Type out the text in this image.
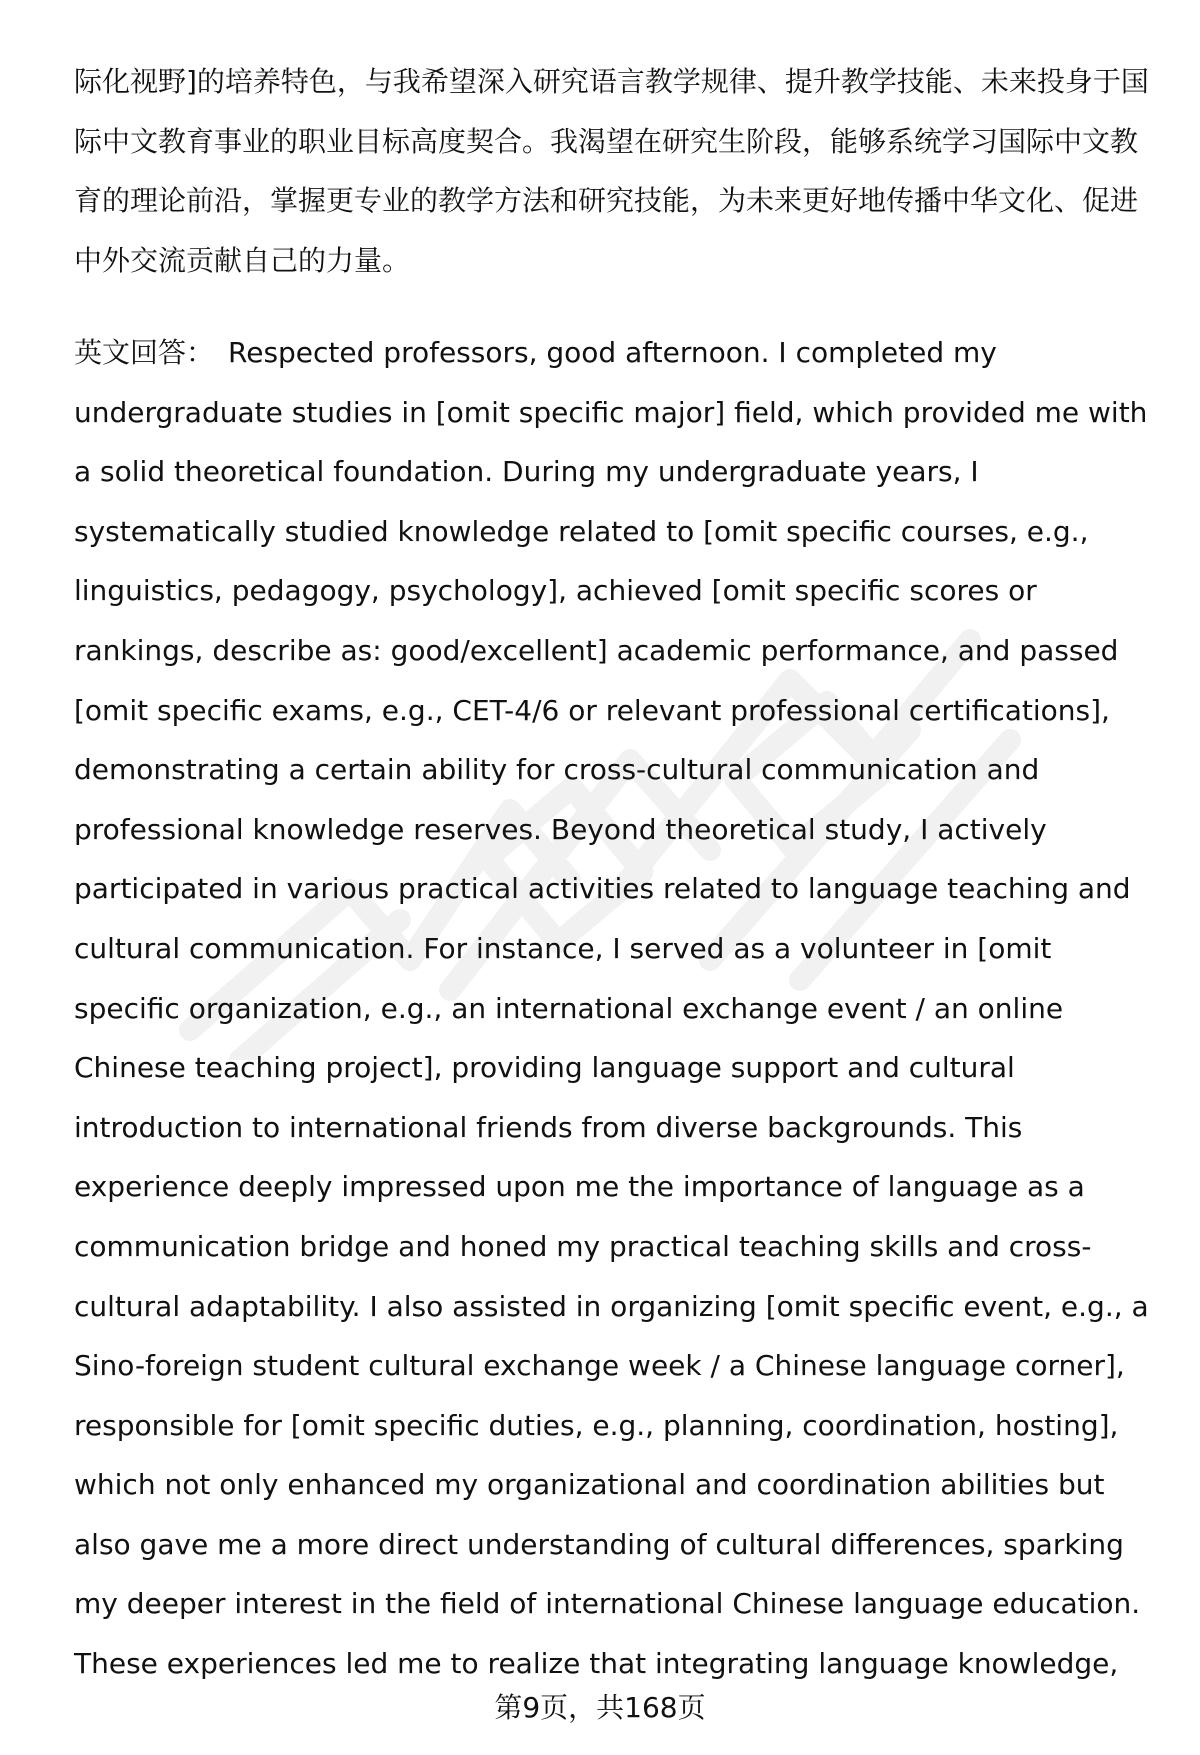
际化视野]的培养特色，与我希望深入研究语言教学规律、提升教学技能、未来投身于国际中文教育事业的职业目标高度契合。我渴望在研究生阶段，能够系统学习国际中文教育的理论前沿，掌握更专业的教学方法和研究技能，为未来更好地传播中华文化、促进中外交流贡献自己的力量。

英文回答： Respected professors, good afternoon. I completed my undergraduate studies in [omit specific major] field, which provided me with a solid theoretical foundation. During my undergraduate years, I systematically studied knowledge related to [omit specific courses, e.g., linguistics, pedagogy, psychology], achieved [omit specific scores or rankings, describe as: good/excellent] academic performance, and passed [omit specific exams, e.g., CET-4/6 or relevant professional certifications], demonstrating a certain ability for cross-cultural communication and professional knowledge reserves. Beyond theoretical study, I actively participated in various practical activities related to language teaching and cultural communication. For instance, I served as a volunteer in [omit specific organization, e.g., an international exchange event / an online Chinese teaching project], providing language support and cultural introduction to international friends from diverse backgrounds. This experience deeply impressed upon me the importance of language as a communication bridge and honed my practical teaching skills and cross-cultural adaptability. I also assisted in organizing [omit specific event, e.g., a Sino-foreign student cultural exchange week / a Chinese language corner], responsible for [omit specific duties, e.g., planning, coordination, hosting], which not only enhanced my organizational and coordination abilities but also gave me a more direct understanding of cultural differences, sparking my deeper interest in the field of international Chinese language education. These experiences led me to realize that integrating language knowledge,

第9页，共168页
